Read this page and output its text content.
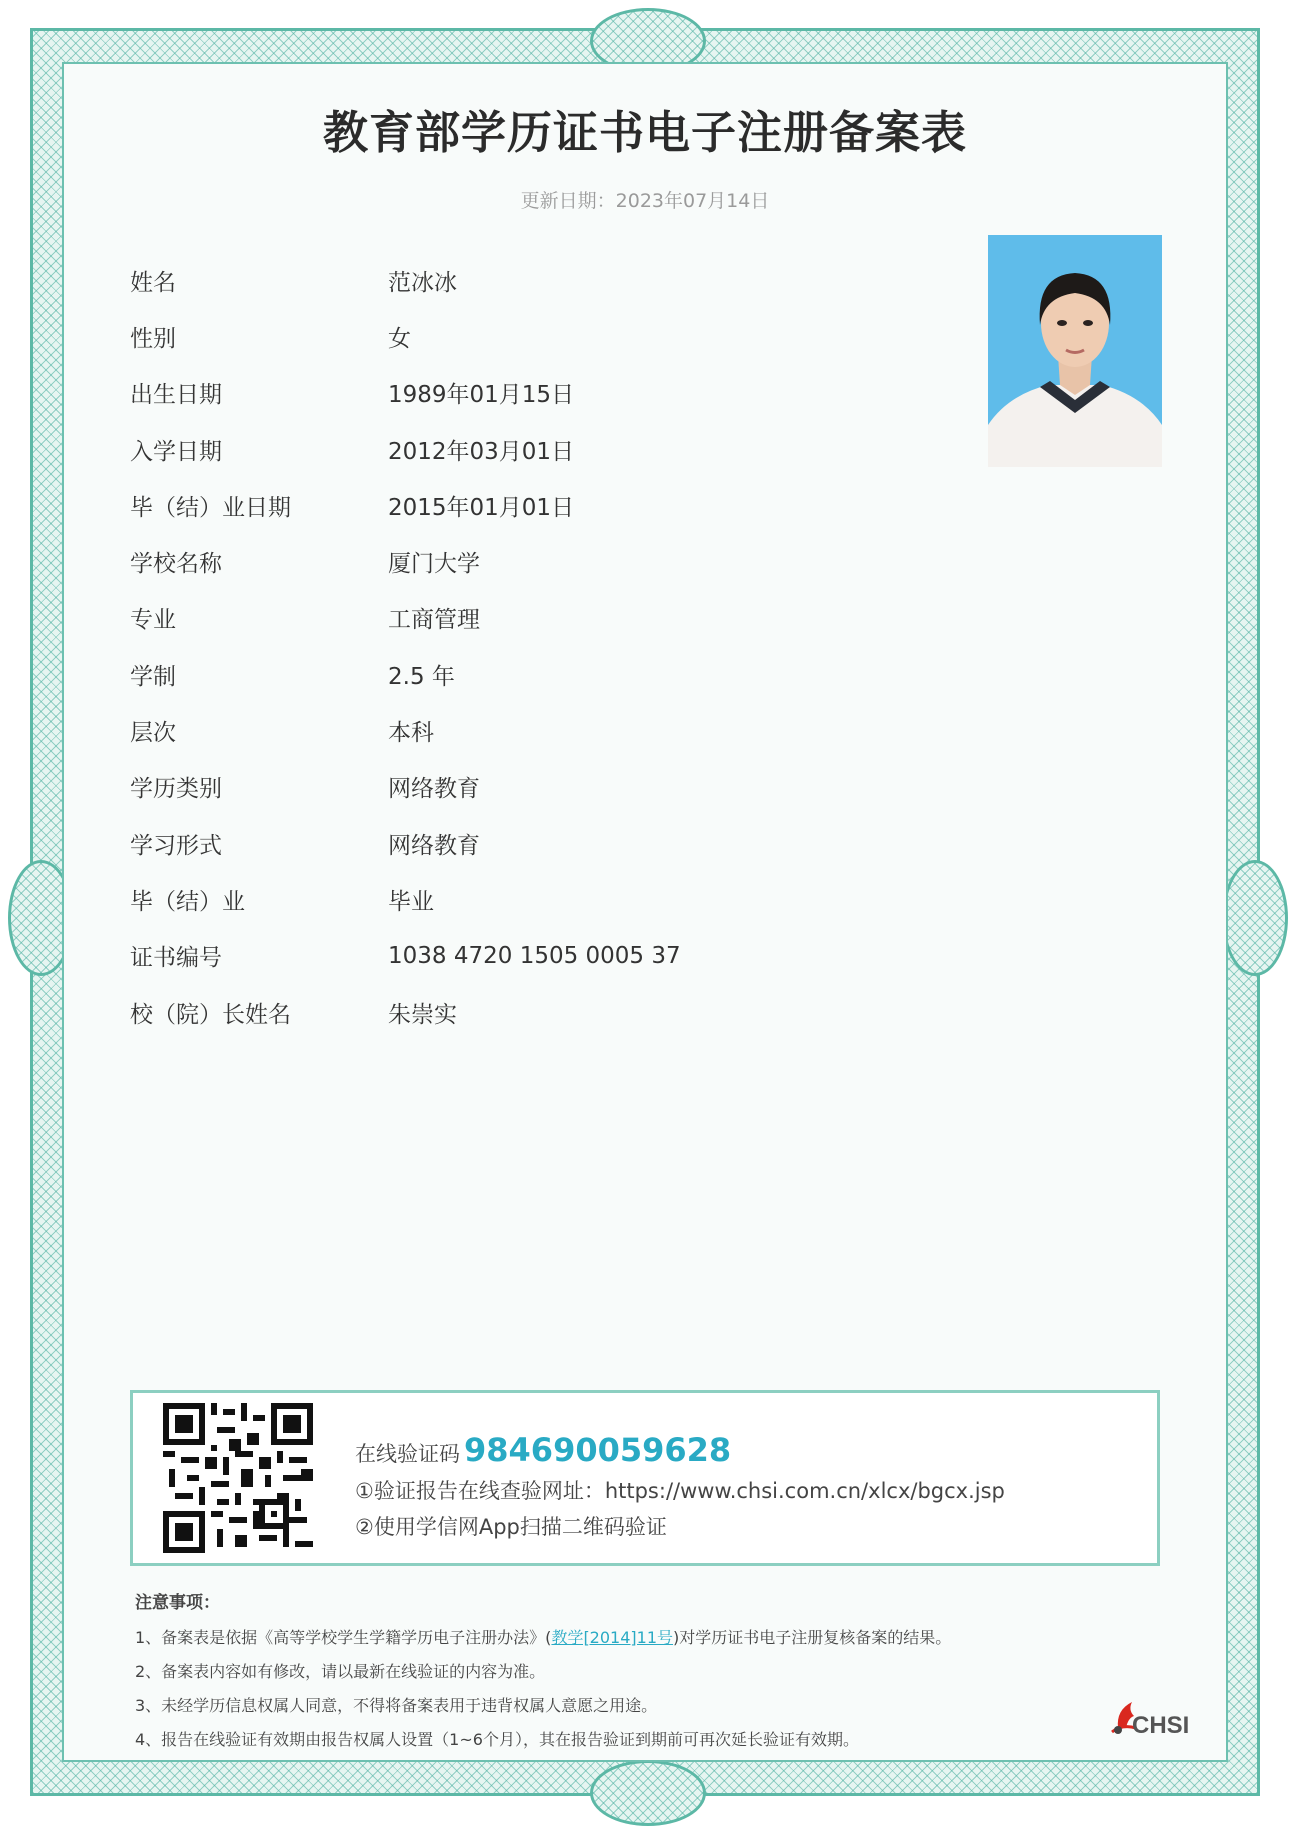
教育部学历证书电子注册备案表
更新日期：2023年07月14日
姓名	范冰冰
性别	女
出生日期	1989年01月15日
入学日期	2012年03月01日
毕（结）业日期	2015年01月01日
学校名称	厦门大学
专业	工商管理
学制	2.5 年
层次	本科
学历类别	网络教育
学习形式	网络教育
毕（结）业	毕业
证书编号	1038 4720 1505 0005 37
校（院）长姓名	朱崇实
在线验证码 984690059628
①验证报告在线查验网址：https://www.chsi.com.cn/xlcx/bgcx.jsp
②使用学信网App扫描二维码验证
注意事项：
1、备案表是依据《高等学校学生学籍学历电子注册办法》(教学[2014]11号)对学历证书电子注册复核备案的结果。
2、备案表内容如有修改，请以最新在线验证的内容为准。
3、未经学历信息权属人同意，不得将备案表用于违背权属人意愿之用途。
4、报告在线验证有效期由报告权属人设置（1~6个月），其在报告验证到期前可再次延长验证有效期。
CHSI
